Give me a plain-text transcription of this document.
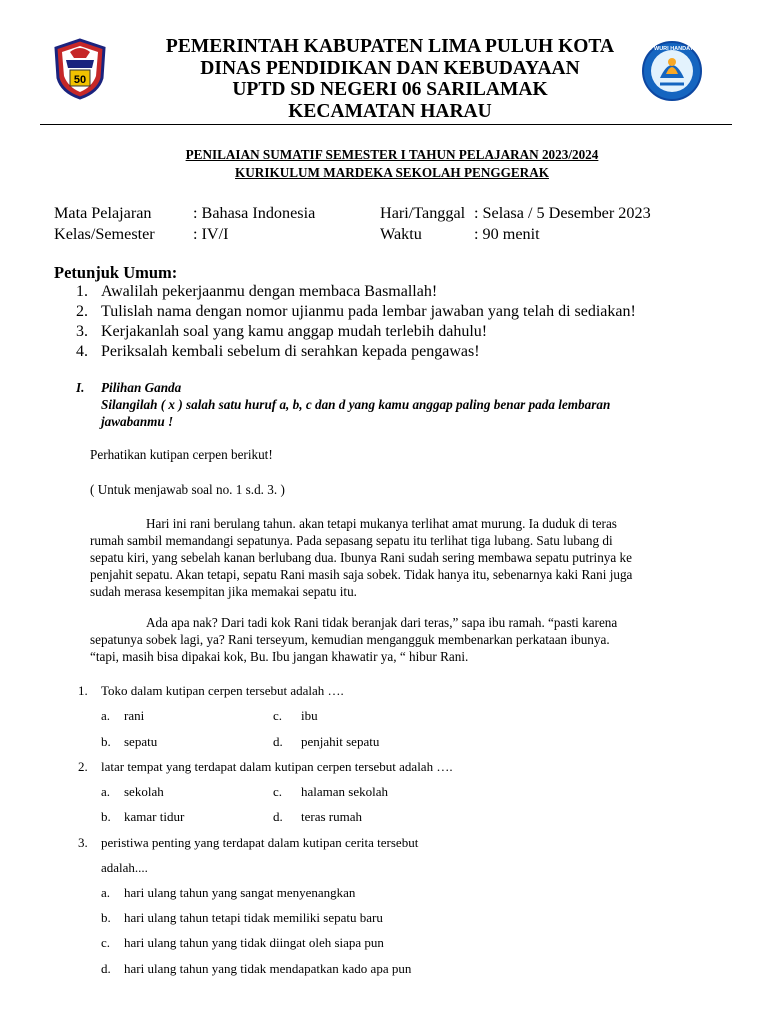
50
PEMERINTAH KABUPATEN LIMA PULUH KOTA
DINAS PENDIDIKAN DAN KEBUDAYAAN
UPTD SD NEGERI 06 SARILAMAK
KECAMATAN HARAU
TUT WURI HANDAYANI
PENILAIAN SUMATIF SEMESTER I TAHUN PELAJARAN 2023/2024
KURIKULUM MARDEKA SEKOLAH PENGGERAK
Mata Pelajaran	: Bahasa Indonesia
Kelas/Semester : IV/I
Hari/Tanggal : Selasa / 5 Desember 2023
Waktu	: 90 menit
Petunjuk Umum:
1. Awalilah pekerjaanmu dengan membaca Basmallah!
2. Tulislah nama dengan nomor ujianmu pada lembar jawaban yang telah di sediakan!
3. Kerjakanlah soal yang kamu anggap mudah terlebih dahulu!
4. Periksalah kembali sebelum di serahkan kepada pengawas!
I. Pilihan Ganda
Silangilah ( x ) salah satu huruf a, b, c dan d yang kamu anggap paling benar pada lembaran
jawabanmu !
Perhatikan kutipan cerpen berikut!
( Untuk menjawab soal no. 1 s.d. 3. )
Hari ini rani berulang tahun. akan tetapi mukanya terlihat amat murung. Ia duduk di teras
rumah sambil memandangi sepatunya. Pada sepasang sepatu itu terlihat tiga lubang. Satu lubang di
sepatu kiri, yang sebelah kanan berlubang dua. Ibunya Rani sudah sering membawa sepatu putrinya ke
penjahit sepatu. Akan tetapi, sepatu Rani masih saja sobek. Tidak hanya itu, sebenarnya kaki Rani juga
sudah merasa kesempitan jika memakai sepatu itu.
Ada apa nak? Dari tadi kok Rani tidak beranjak dari teras,” sapa ibu ramah. “pasti karena
sepatunya sobek lagi, ya? Rani terseyum, kemudian mengangguk membenarkan perkataan ibunya.
“tapi, masih bisa dipakai kok, Bu. Ibu jangan khawatir ya, “ hibur Rani.
1. Toko dalam kutipan cerpen tersebut adalah ….
a. rani	c. ibu
b. sepatu	d. penjahit sepatu
2. latar tempat yang terdapat dalam kutipan cerpen tersebut adalah ….
a. sekolah	c. halaman sekolah
b. kamar tidur	d. teras rumah
3. peristiwa penting yang terdapat dalam kutipan cerita tersebut
adalah....
a. hari ulang tahun yang sangat menyenangkan
b. hari ulang tahun tetapi tidak memiliki sepatu baru
c. hari ulang tahun yang tidak diingat oleh siapa pun
d. hari ulang tahun yang tidak mendapatkan kado apa pun
